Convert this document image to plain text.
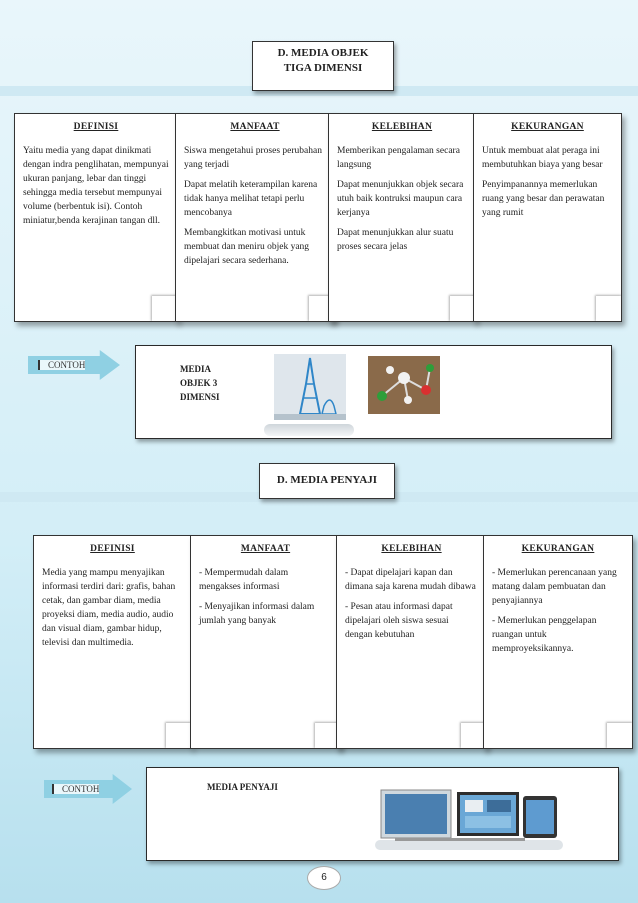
D. MEDIA OBJEK TIGA DIMENSI
DEFINISI

Yaitu media yang dapat dinikmati dengan indra penglihatan, mempunyai ukuran panjang, lebar dan tinggi sehingga media tersebut mempunyai volume (berbentuk isi). Contoh miniatur,benda kerajinan tangan dll.

MANFAAT

Siswa mengetahui proses perubahan yang terjadi

Dapat melatih keterampilan karena tidak hanya melihat tetapi perlu mencobanya

Membangkitkan motivasi untuk membuat dan meniru objek yang dipelajari secara sederhana.

KELEBIHAN

Memberikan pengalaman secara langsung

Dapat menunjukkan objek secara utuh baik kontruksi maupun cara kerjanya

Dapat menunjukkan alur suatu proses secara jelas

KEKURANGAN

Untuk membuat alat peraga ini membutuhkan biaya yang besar

Penyimpanannya memerlukan ruang yang besar dan perawatan yang rumit

CONTOH	MEDIA OBJEK 3 DIMENSI
D. MEDIA PENYAJI
DEFINISI

Media yang mampu menyajikan informasi terdiri dari: grafis, bahan cetak, dan gambar diam, media proyeksi diam, media audio, audio dan visual diam, gambar hidup, televisi dan multimedia.

MANFAAT

- Mempermudah dalam mengakses informasi

- Menyajikan informasi dalam jumlah yang banyak

KELEBIHAN

- Dapat dipelajari kapan dan dimana saja karena mudah dibawa

- Pesan atau informasi dapat dipelajari oleh siswa sesuai dengan kebutuhan

KEKURANGAN

- Memerlukan perencanaan yang matang dalam pembuatan dan penyajiannya

- Memerlukan penggelapan ruangan untuk memproyeksikannya.

CONTOH	MEDIA PENYAJI
6
